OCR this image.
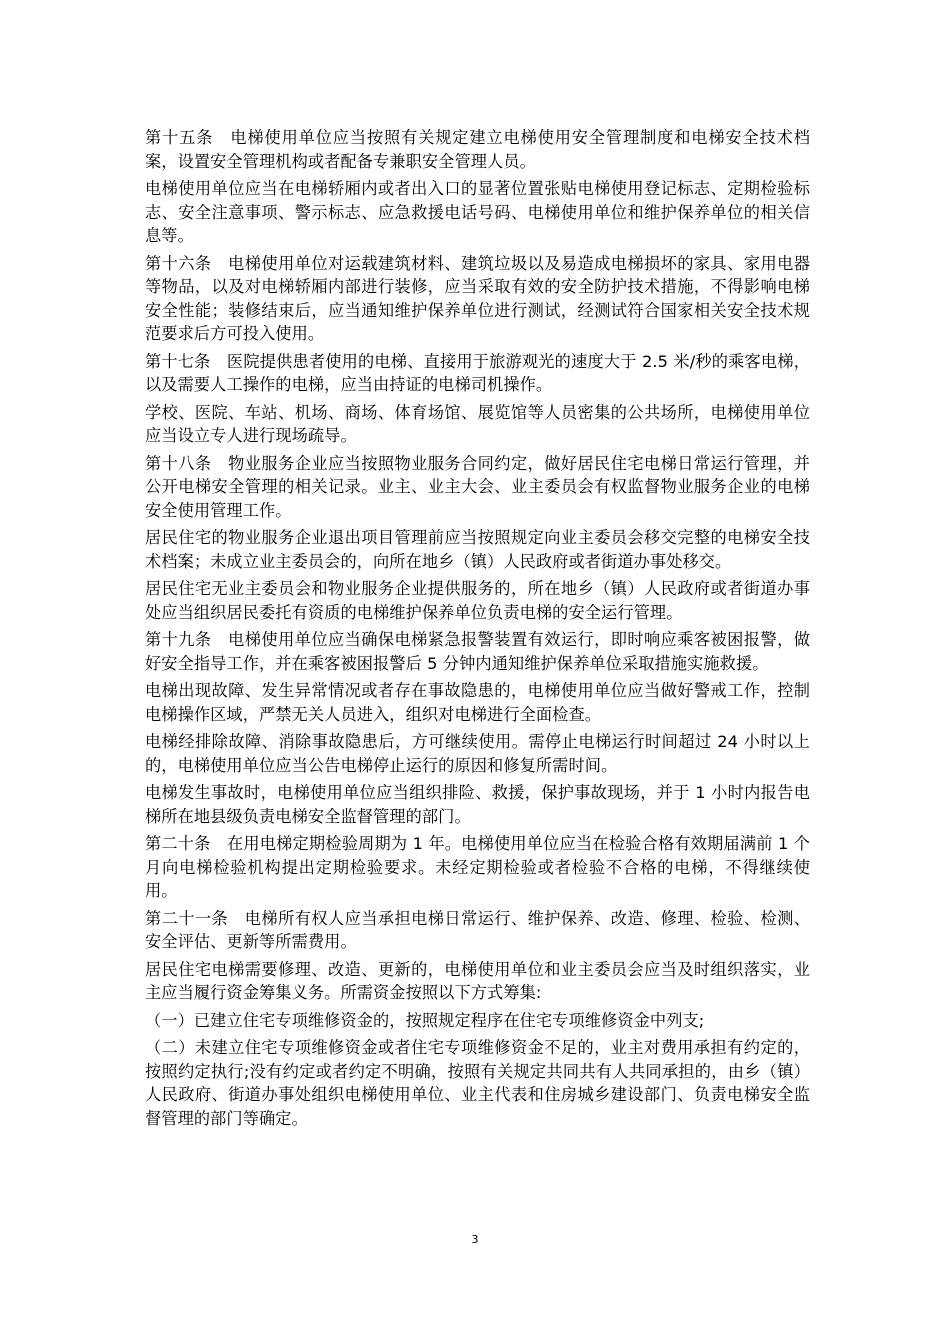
第十五条　电梯使用单位应当按照有关规定建立电梯使用安全管理制度和电梯安全技术档案，设置安全管理机构或者配备专兼职安全管理人员。

电梯使用单位应当在电梯轿厢内或者出入口的显著位置张贴电梯使用登记标志、定期检验标志、安全注意事项、警示标志、应急救援电话号码、电梯使用单位和维护保养单位的相关信息等。

第十六条　电梯使用单位对运载建筑材料、建筑垃圾以及易造成电梯损坏的家具、家用电器等物品，以及对电梯轿厢内部进行装修，应当采取有效的安全防护技术措施，不得影响电梯安全性能；装修结束后，应当通知维护保养单位进行测试，经测试符合国家相关安全技术规范要求后方可投入使用。

第十七条　医院提供患者使用的电梯、直接用于旅游观光的速度大于 2.5 米/秒的乘客电梯，以及需要人工操作的电梯，应当由持证的电梯司机操作。

学校、医院、车站、机场、商场、体育场馆、展览馆等人员密集的公共场所，电梯使用单位应当设立专人进行现场疏导。

第十八条　物业服务企业应当按照物业服务合同约定，做好居民住宅电梯日常运行管理，并公开电梯安全管理的相关记录。业主、业主大会、业主委员会有权监督物业服务企业的电梯安全使用管理工作。

居民住宅的物业服务企业退出项目管理前应当按照规定向业主委员会移交完整的电梯安全技术档案；未成立业主委员会的，向所在地乡（镇）人民政府或者街道办事处移交。

居民住宅无业主委员会和物业服务企业提供服务的，所在地乡（镇）人民政府或者街道办事处应当组织居民委托有资质的电梯维护保养单位负责电梯的安全运行管理。

第十九条　电梯使用单位应当确保电梯紧急报警装置有效运行，即时响应乘客被困报警，做好安全指导工作，并在乘客被困报警后 5 分钟内通知维护保养单位采取措施实施救援。

电梯出现故障、发生异常情况或者存在事故隐患的，电梯使用单位应当做好警戒工作，控制电梯操作区域，严禁无关人员进入，组织对电梯进行全面检查。

电梯经排除故障、消除事故隐患后，方可继续使用。需停止电梯运行时间超过 24 小时以上的，电梯使用单位应当公告电梯停止运行的原因和修复所需时间。

电梯发生事故时，电梯使用单位应当组织排险、救援，保护事故现场，并于 1 小时内报告电梯所在地县级负责电梯安全监督管理的部门。

第二十条　在用电梯定期检验周期为 1 年。电梯使用单位应当在检验合格有效期届满前 1 个月向电梯检验机构提出定期检验要求。未经定期检验或者检验不合格的电梯，不得继续使用。

第二十一条　电梯所有权人应当承担电梯日常运行、维护保养、改造、修理、检验、检测、安全评估、更新等所需费用。

居民住宅电梯需要修理、改造、更新的，电梯使用单位和业主委员会应当及时组织落实，业主应当履行资金筹集义务。所需资金按照以下方式筹集:

（一）已建立住宅专项维修资金的，按照规定程序在住宅专项维修资金中列支;

（二）未建立住宅专项维修资金或者住宅专项维修资金不足的，业主对费用承担有约定的，按照约定执行;没有约定或者约定不明确，按照有关规定共同共有人共同承担的，由乡（镇）人民政府、街道办事处组织电梯使用单位、业主代表和住房城乡建设部门、负责电梯安全监督管理的部门等确定。

3
